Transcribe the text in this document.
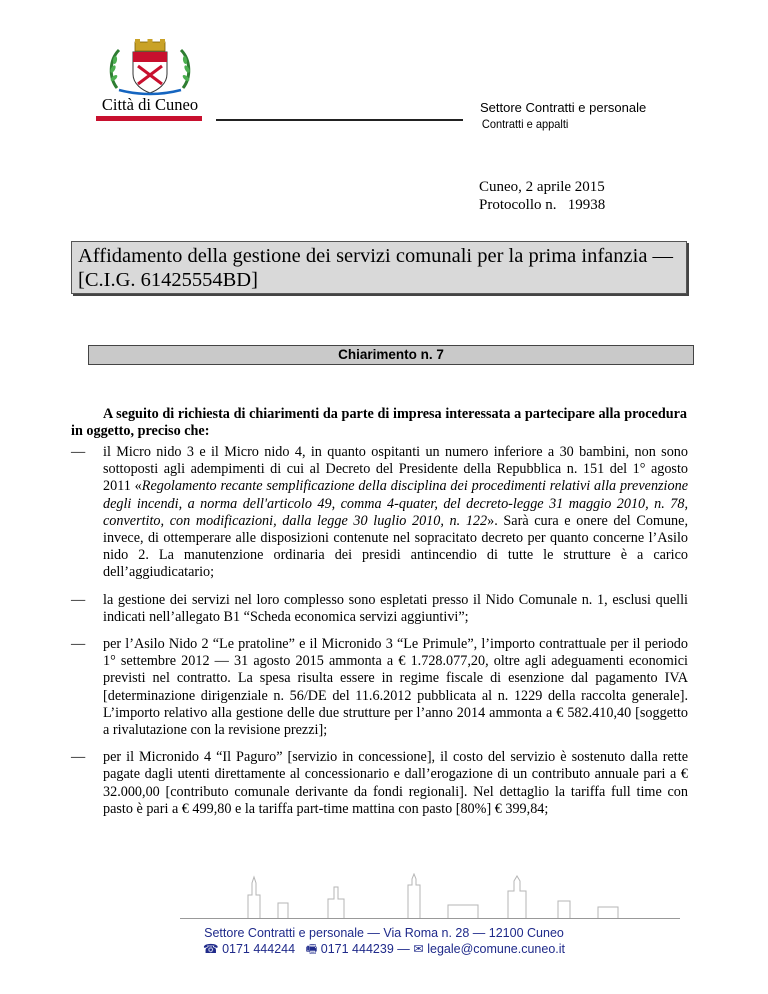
Città di Cuneo	Settore Contratti e personale
Contratti e appalti
Cuneo, 2 aprile 2015
Protocollo n.   19938
Affidamento della gestione dei servizi comunali per la prima infanzia — [C.I.G. 61425554BD]
Chiarimento n. 7
A seguito di richiesta di chiarimenti da parte di impresa interessata a partecipare alla procedura in oggetto, preciso che:
— il Micro nido 3 e il Micro nido 4, in quanto ospitanti un numero inferiore a 30 bambini, non sono sottoposti agli adempimenti di cui al Decreto del Presidente della Repubblica n. 151 del 1° agosto 2011 «Regolamento recante semplificazione della disciplina dei procedimenti relativi alla prevenzione degli incendi, a norma dell'articolo 49, comma 4-quater, del decreto-legge 31 maggio 2010, n. 78, convertito, con modificazioni, dalla legge 30 luglio 2010, n. 122». Sarà cura e onere del Comune, invece, di ottemperare alle disposizioni contenute nel sopracitato decreto per quanto concerne l’Asilo nido 2. La manutenzione ordinaria dei presidi antincendio di tutte le strutture è a carico dell’aggiudicatario;
— la gestione dei servizi nel loro complesso sono espletati presso il Nido Comunale n. 1, esclusi quelli indicati nell’allegato B1 “Scheda economica servizi aggiuntivi”;
— per l’Asilo Nido 2 “Le pratoline” e il Micronido 3 “Le Primule”, l’importo contrattuale per il periodo 1° settembre 2012 — 31 agosto 2015 ammonta a € 1.728.077,20, oltre agli adeguamenti economici previsti nel contratto. La spesa risulta essere in regime fiscale di esenzione dal pagamento IVA [determinazione dirigenziale n. 56/DE del 11.6.2012 pubblicata al n. 1229 della raccolta generale]. L’importo relativo alla gestione delle due strutture per l’anno 2014 ammonta a € 582.410,40 [soggetto a rivalutazione con la revisione prezzi];
— per il Micronido 4 “Il Paguro” [servizio in concessione], il costo del servizio è sostenuto dalla rette pagate dagli utenti direttamente al concessionario e dall’erogazione di un contributo annuale pari a € 32.000,00 [contributo comunale derivante da fondi regionali]. Nel dettaglio la tariffa full time con pasto è pari a € 499,80 e la tariffa part-time mattina con pasto [80%] € 399,84;
Settore Contratti e personale — Via Roma n. 28 — 12100 Cuneo
☎ 0171 444244 🖷 0171 444239 — ✉ legale@comune.cuneo.it
